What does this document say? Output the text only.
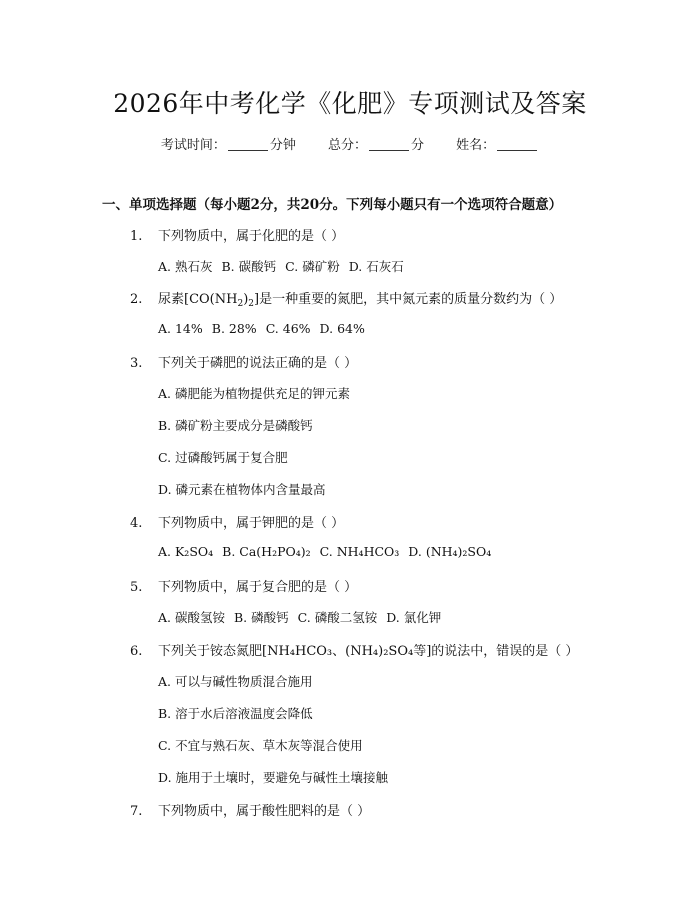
2026年中考化学《化肥》专项测试及答案
考试时间：	分钟 总分：	分 姓名：
一、单项选择题（每小题2分，共20分。下列每小题只有一个选项符合题意）
1. 下列物质中，属于化肥的是（ ）
A. 熟石灰 B. 碳酸钙 C. 磷矿粉 D. 石灰石
2. 尿素$[CO(NH_2)_2]$是一种重要的氮肥，其中氮元素的质量分数约为（ ）
A. 14% B. 28% C. 46% D. 64%
3. 下列关于磷肥的说法正确的是（ ）
A. 磷肥能为植物提供充足的钾元素
B. 磷矿粉主要成分是磷酸钙
C. 过磷酸钙属于复合肥
D. 磷元素在植物体内含量最高
4. 下列物质中，属于钾肥的是（ ）
A. K₂SO₄ B. Ca(H₂PO₄)₂ C. NH₄HCO₃ D. (NH₄)₂SO₄
5. 下列物质中，属于复合肥的是（ ）
A. 碳酸氢铵 B. 磷酸钙 C. 磷酸二氢铵 D. 氯化钾
6. 下列关于铵态氮肥[NH₄HCO₃、(NH₄)₂SO₄等]的说法中，错误的是（ ）
A. 可以与碱性物质混合施用
B. 溶于水后溶液温度会降低
C. 不宜与熟石灰、草木灰等混合使用
D. 施用于土壤时，要避免与碱性土壤接触
7. 下列物质中，属于酸性肥料的是（ ）
